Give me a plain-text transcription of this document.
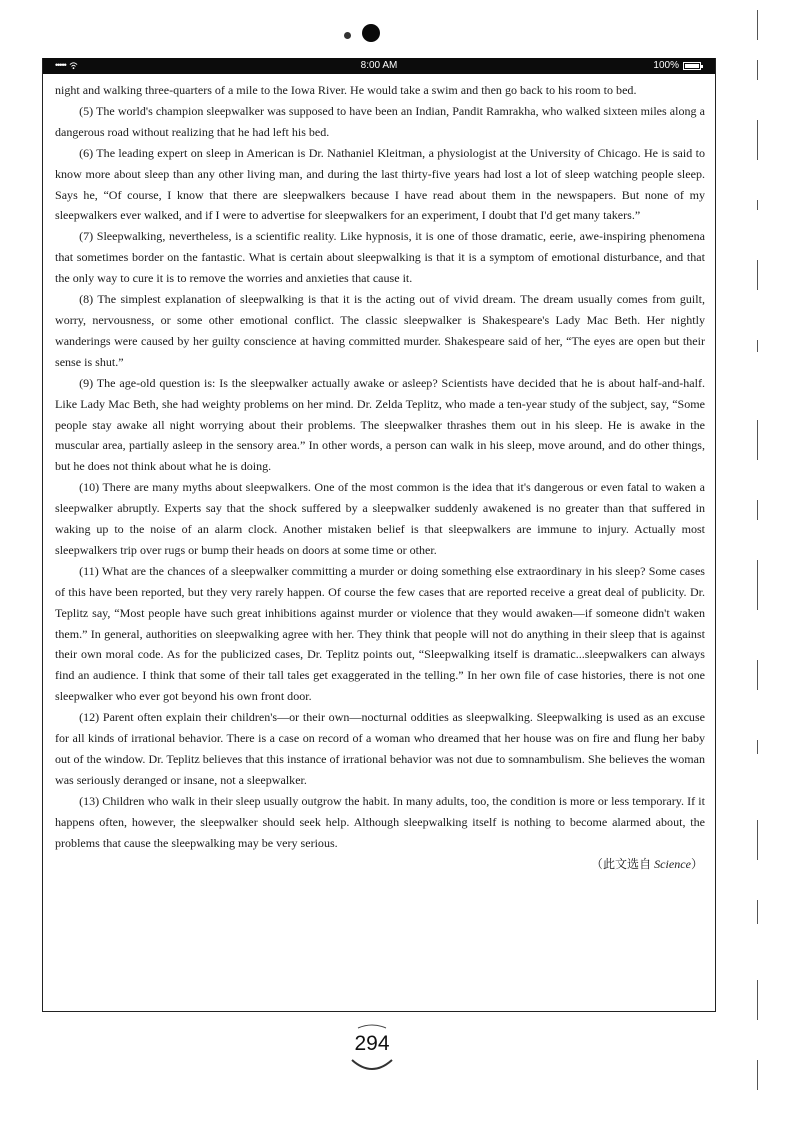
•••••	8:00 AM	100%

night and walking three-quarters of a mile to the Iowa River. He would take a swim and then go back to his room to bed.

(5) The world's champion sleepwalker was supposed to have been an Indian, Pandit Ramrakha, who walked sixteen miles along a dangerous road without realizing that he had left his bed.

(6) The leading expert on sleep in American is Dr. Nathaniel Kleitman, a physiologist at the University of Chicago. He is said to know more about sleep than any other living man, and during the last thirty-five years had lost a lot of sleep watching people sleep. Says he, “Of course, I know that there are sleepwalkers because I have read about them in the newspapers. But none of my sleepwalkers ever walked, and if I were to advertise for sleepwalkers for an experiment, I doubt that I'd get many takers.”

(7) Sleepwalking, nevertheless, is a scientific reality. Like hypnosis, it is one of those dramatic, eerie, awe-inspiring phenomena that sometimes border on the fantastic. What is certain about sleepwalking is that it is a symptom of emotional disturbance, and that the only way to cure it is to remove the worries and anxieties that cause it.

(8) The simplest explanation of sleepwalking is that it is the acting out of vivid dream. The dream usually comes from guilt, worry, nervousness, or some other emotional conflict. The classic sleepwalker is Shakespeare's Lady Mac Beth. Her nightly wanderings were caused by her guilty conscience at having committed murder. Shakespeare said of her, “The eyes are open but their sense is shut.”

(9) The age-old question is: Is the sleepwalker actually awake or asleep? Scientists have decided that he is about half-and-half. Like Lady Mac Beth, she had weighty problems on her mind. Dr. Zelda Teplitz, who made a ten-year study of the subject, say, “Some people stay awake all night worrying about their problems. The sleepwalker thrashes them out in his sleep. He is awake in the muscular area, partially asleep in the sensory area.” In other words, a person can walk in his sleep, move around, and do other things, but he does not think about what he is doing.

(10) There are many myths about sleepwalkers. One of the most common is the idea that it's dangerous or even fatal to waken a sleepwalker abruptly. Experts say that the shock suffered by a sleepwalker suddenly awakened is no greater than that suffered in waking up to the noise of an alarm clock. Another mistaken belief is that sleepwalkers are immune to injury. Actually most sleepwalkers trip over rugs or bump their heads on doors at some time or other.

(11) What are the chances of a sleepwalker committing a murder or doing something else extraordinary in his sleep? Some cases of this have been reported, but they very rarely happen. Of course the few cases that are reported receive a great deal of publicity. Dr. Teplitz say, “Most people have such great inhibitions against murder or violence that they would awaken—if someone didn't waken them.” In general, authorities on sleepwalking agree with her. They think that people will not do anything in their sleep that is against their own moral code. As for the publicized cases, Dr. Teplitz points out, “Sleepwalking itself is dramatic...sleepwalkers can always find an audience. I think that some of their tall tales get exaggerated in the telling.” In her own file of case histories, there is not one sleepwalker who ever got beyond his own front door.

(12) Parent often explain their children's—or their own—nocturnal oddities as sleepwalking. Sleepwalking is used as an excuse for all kinds of irrational behavior. There is a case on record of a woman who dreamed that her house was on fire and flung her baby out of the window. Dr. Teplitz believes that this instance of irrational behavior was not due to somnambulism. She believes the woman was seriously deranged or insane, not a sleepwalker.

(13) Children who walk in their sleep usually outgrow the habit. In many adults, too, the condition is more or less temporary. If it happens often, however, the sleepwalker should seek help. Although sleepwalking itself is nothing to become alarmed about, the problems that cause the sleepwalking may be very serious.

（此文选自 Science）

294
